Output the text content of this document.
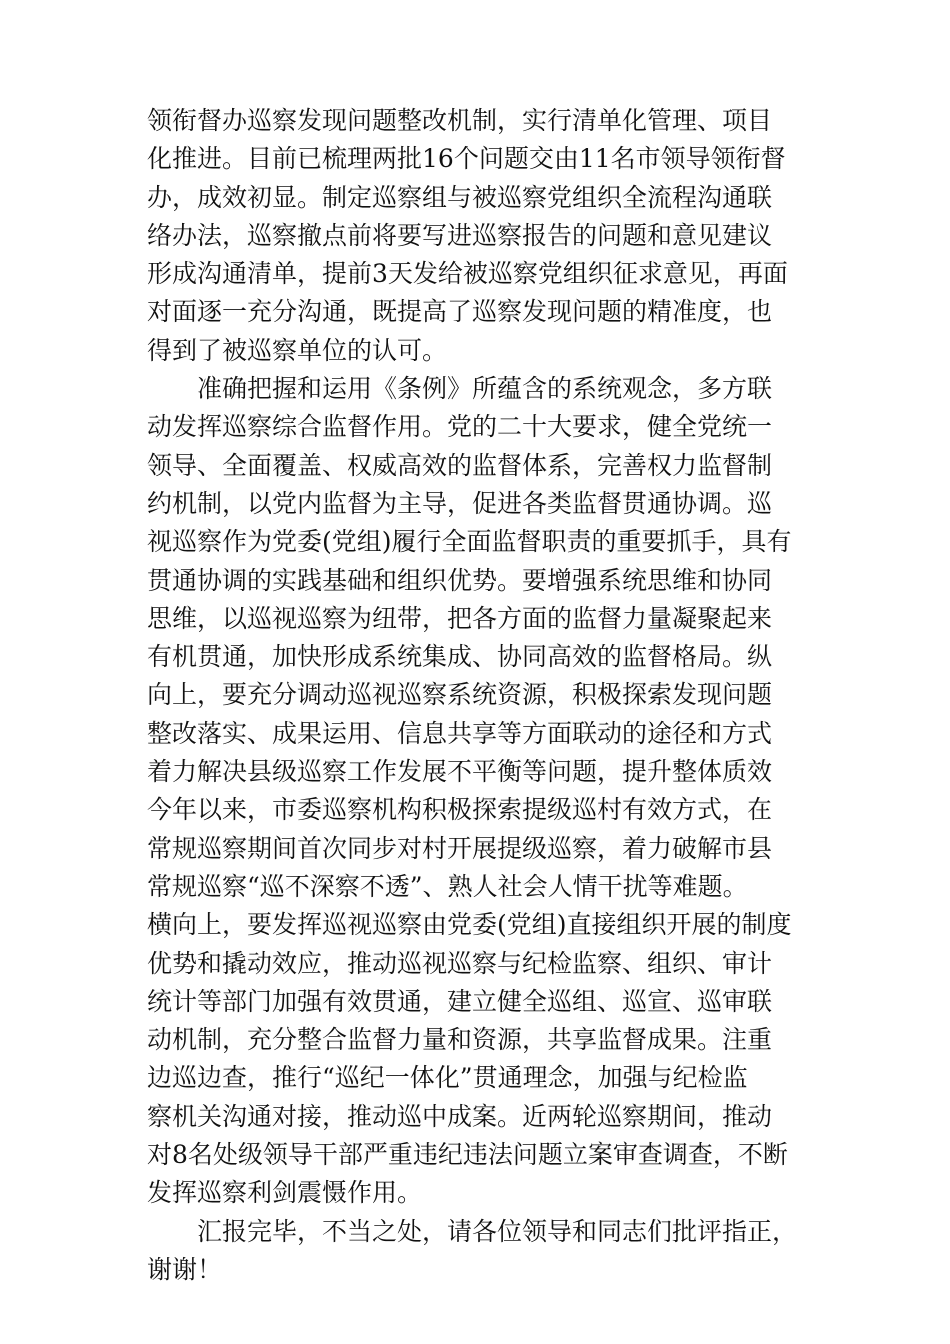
领衔督办巡察发现问题整改机制，实行清单化管理、项目
化推进。目前已梳理两批16个问题交由11名市领导领衔督
办，成效初显。制定巡察组与被巡察党组织全流程沟通联
络办法，巡察撤点前将要写进巡察报告的问题和意见建议
形成沟通清单，提前3天发给被巡察党组织征求意见，再面
对面逐一充分沟通，既提高了巡察发现问题的精准度，也
得到了被巡察单位的认可。
　　准确把握和运用《条例》所蕴含的系统观念，多方联
动发挥巡察综合监督作用。党的二十大要求，健全党统一
领导、全面覆盖、权威高效的监督体系，完善权力监督制
约机制，以党内监督为主导，促进各类监督贯通协调。巡
视巡察作为党委(党组)履行全面监督职责的重要抓手，具有
贯通协调的实践基础和组织优势。要增强系统思维和协同
思维，以巡视巡察为纽带，把各方面的监督力量凝聚起来
有机贯通，加快形成系统集成、协同高效的监督格局。纵
向上，要充分调动巡视巡察系统资源，积极探索发现问题
整改落实、成果运用、信息共享等方面联动的途径和方式
着力解决县级巡察工作发展不平衡等问题，提升整体质效
今年以来，市委巡察机构积极探索提级巡村有效方式，在
常规巡察期间首次同步对村开展提级巡察，着力破解市县
常规巡察“巡不深察不透”、熟人社会人情干扰等难题。
横向上，要发挥巡视巡察由党委(党组)直接组织开展的制度
优势和撬动效应，推动巡视巡察与纪检监察、组织、审计
统计等部门加强有效贯通，建立健全巡组、巡宣、巡审联
动机制，充分整合监督力量和资源，共享监督成果。注重
边巡边查，推行“巡纪一体化”贯通理念，加强与纪检监
察机关沟通对接，推动巡中成案。近两轮巡察期间，推动
对8名处级领导干部严重违纪违法问题立案审查调查，不断
发挥巡察利剑震慑作用。
　　汇报完毕，不当之处，请各位领导和同志们批评指正，
谢谢！
